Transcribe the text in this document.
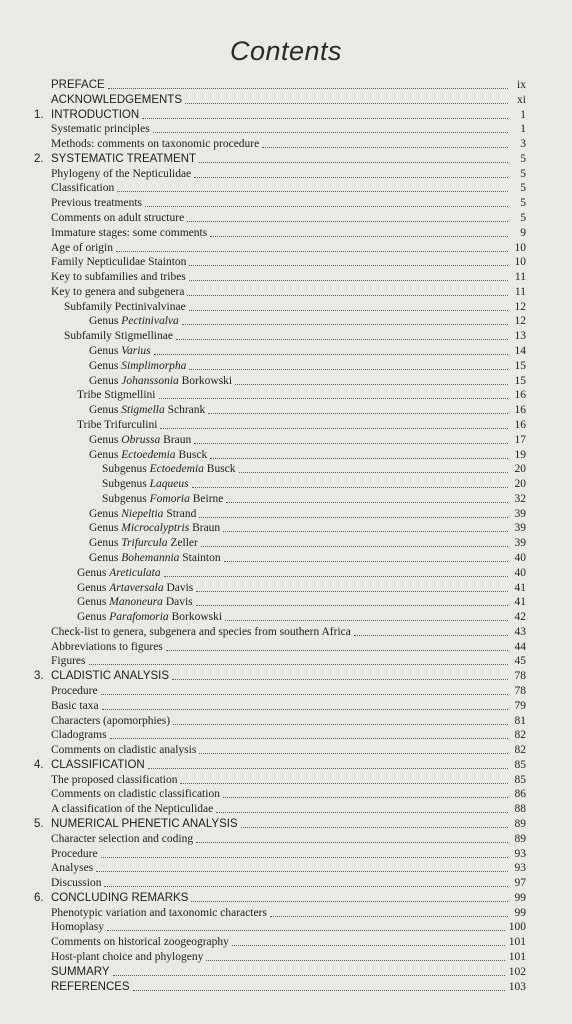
Contents
PREFACE	ix
ACKNOWLEDGEMENTS	xi
1. INTRODUCTION	1
Systematic principles	1
Methods: comments on taxonomic procedure	3
2. SYSTEMATIC TREATMENT	5
Phylogeny of the Nepticulidae	5
Classification	5
Previous treatments	5
Comments on adult structure	5
Immature stages: some comments	9
Age of origin	10
Family Nepticulidae Stainton	10
Key to subfamilies and tribes	11
Key to genera and subgenera	11
Subfamily Pectinivalvinae	12
Genus Pectinivalva	12
Subfamily Stigmellinae	13
Genus Varius	14
Genus Simplimorpha	15
Genus Johanssonia Borkowski	15
Tribe Stigmellini	16
Genus Stigmella Schrank	16
Tribe Trifurculini	16
Genus Obrussa Braun	17
Genus Ectoedemia Busck	19
Subgenus Ectoedemia Busck	20
Subgenus Laqueus	20
Subgenus Fomoria Beirne	32
Genus Niepeltia Strand	39
Genus Microcalyptris Braun	39
Genus Trifurcula Zeller	39
Genus Bohemannia Stainton	40
Genus Areticulata	40
Genus Artaversala Davis	41
Genus Manoneura Davis	41
Genus Parafomoria Borkowski	42
Check-list to genera, subgenera and species from southern Africa	43
Abbreviations to figures	44
Figures	45
3. CLADISTIC ANALYSIS	78
Procedure	78
Basic taxa	79
Characters (apomorphies)	81
Cladograms	82
Comments on cladistic analysis	82
4. CLASSIFICATION	85
The proposed classification	85
Comments on cladistic classification	86
A classification of the Nepticulidae	88
5. NUMERICAL PHENETIC ANALYSIS	89
Character selection and coding	89
Procedure	93
Analyses	93
Discussion	97
6. CONCLUDING REMARKS	99
Phenotypic variation and taxonomic characters	99
Homoplasy	100
Comments on historical zoogeography	101
Host-plant choice and phylogeny	101
SUMMARY	102
REFERENCES	103
